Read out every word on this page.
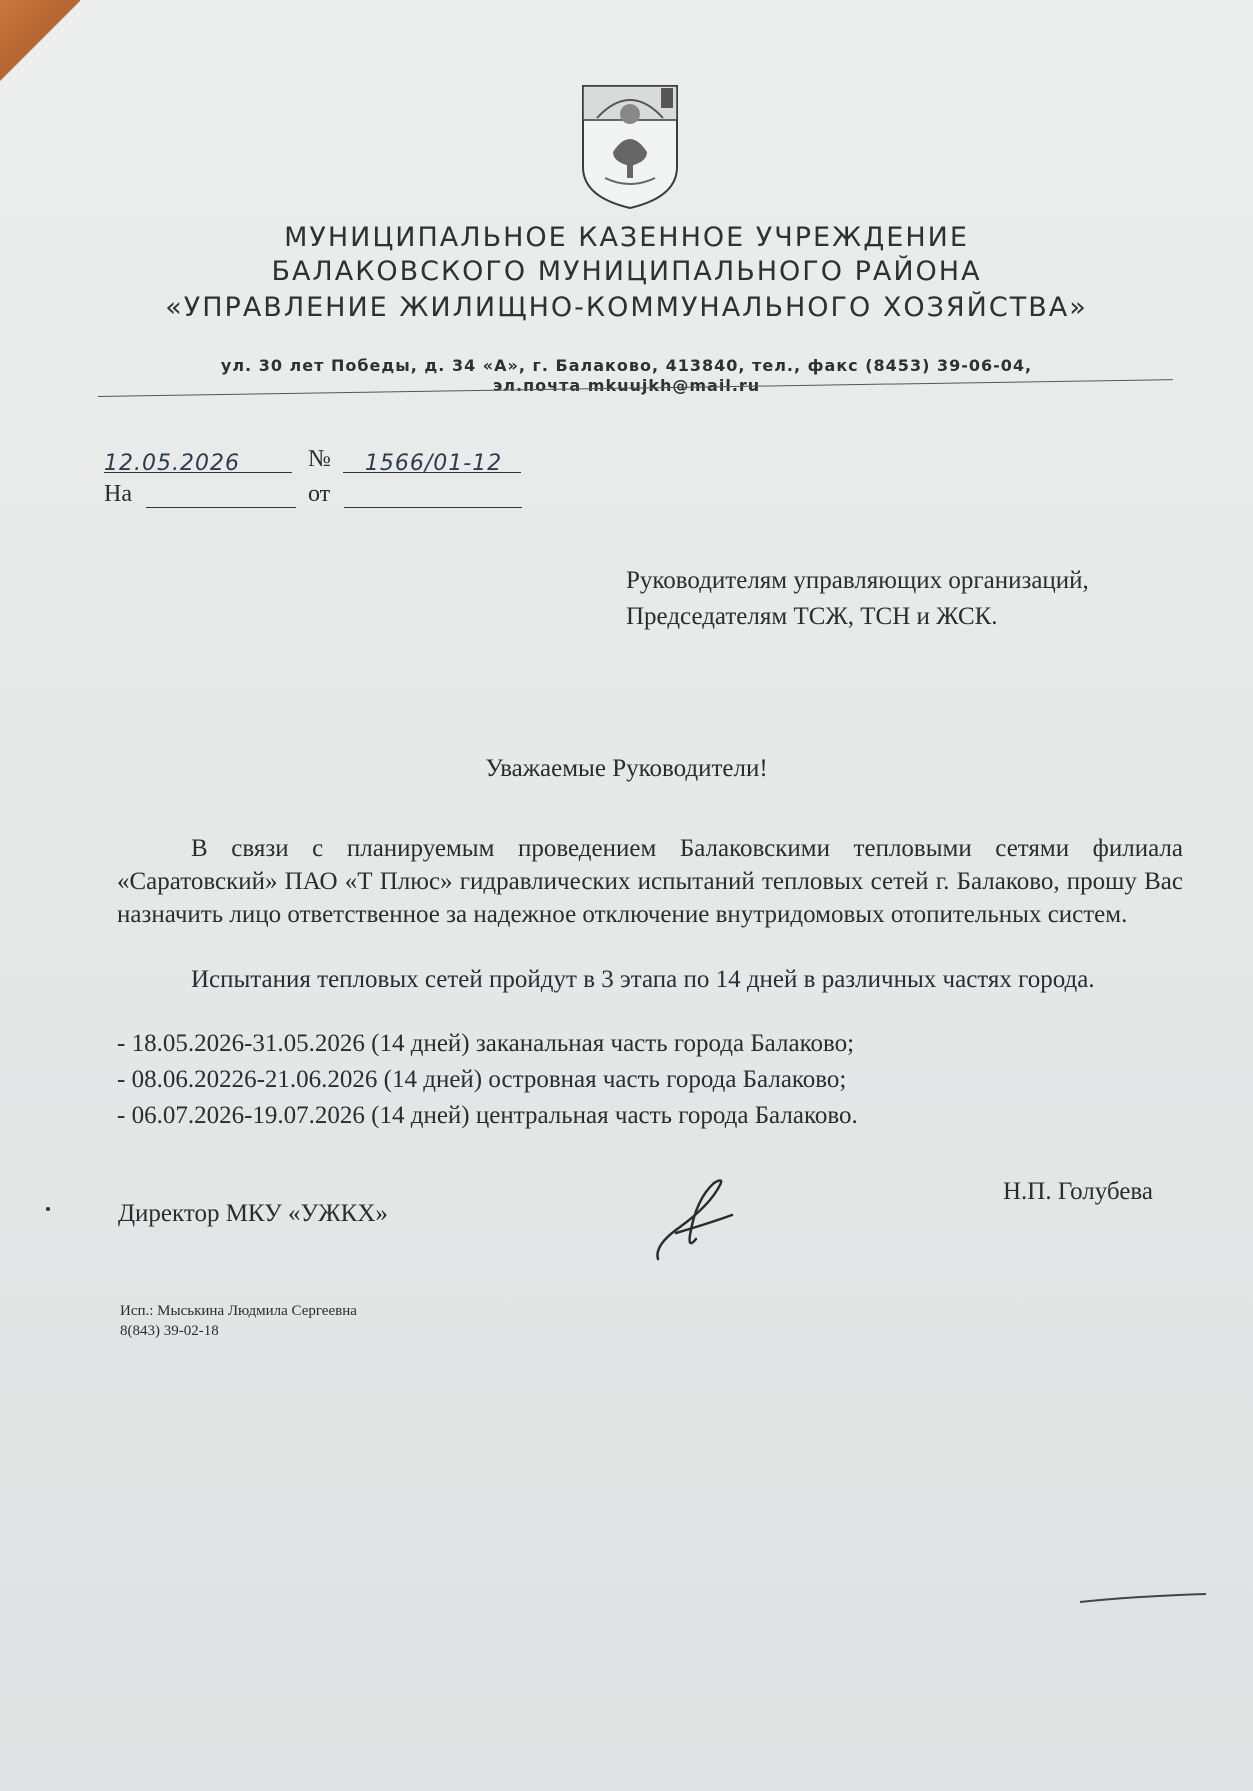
МУНИЦИПАЛЬНОЕ КАЗЕННОЕ УЧРЕЖДЕНИЕ
БАЛАКОВСКОГО МУНИЦИПАЛЬНОГО РАЙОНА
«УПРАВЛЕНИЕ ЖИЛИЩНО-КОММУНАЛЬНОГО ХОЗЯЙСТВА»
ул. 30 лет Победы, д. 34 «А», г. Балаково, 413840, тел., факс (8453) 39-06-04,
эл.почта mkuujkh@mail.ru
12.05.2026	№ 1566/01-12
На	от
Руководителям управляющих организаций,
Председателям ТСЖ, ТСН и ЖСК.
Уважаемые Руководители!
В связи с планируемым проведением Балаковскими тепловыми сетями филиала «Саратовский» ПАО «Т Плюс» гидравлических испытаний тепловых сетей г. Балаково, прошу Вас назначить лицо ответственное за надежное отключение внутридомовых отопительных систем.
Испытания тепловых сетей пройдут в 3 этапа по 14 дней в различных частях города.
- 18.05.2026-31.05.2026 (14 дней) заканальная часть города Балаково;
- 08.06.20226-21.06.2026 (14 дней) островная часть города Балаково;
- 06.07.2026-19.07.2026 (14 дней) центральная часть города Балаково.
Директор МКУ «УЖКХ»
Н.П. Голубева
Исп.: Мыськина Людмила Сергеевна
8(843) 39-02-18
